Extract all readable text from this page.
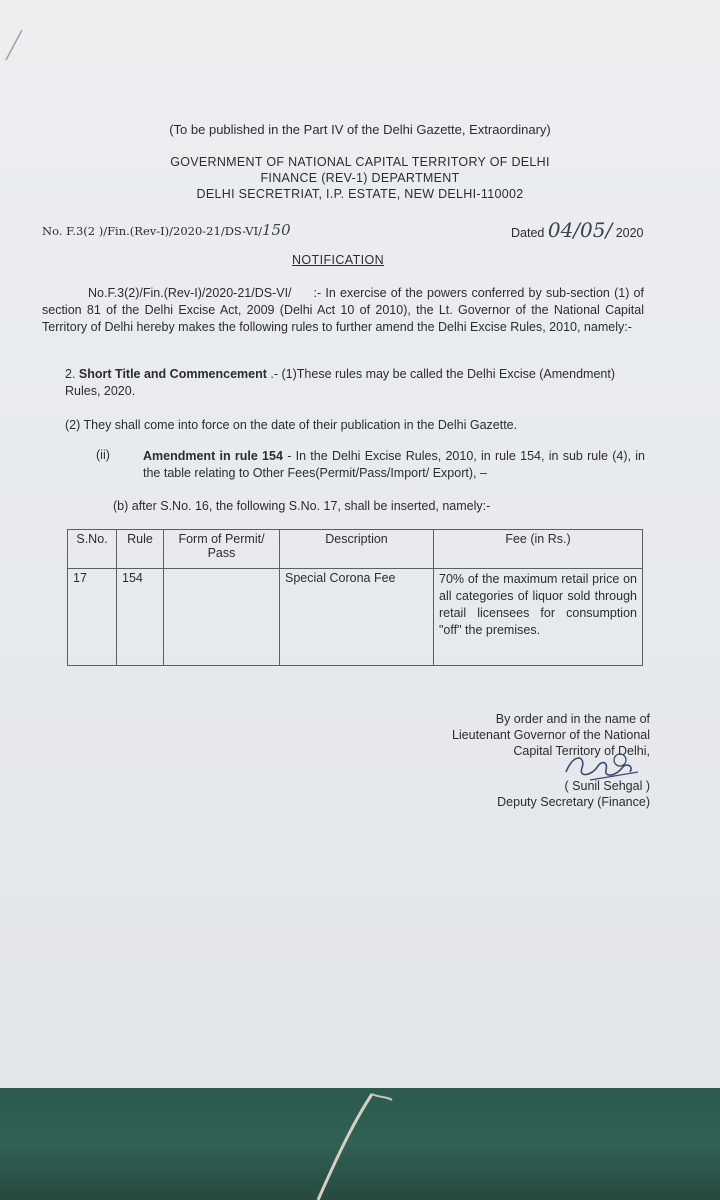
(To be published in the Part IV of the Delhi Gazette, Extraordinary)
GOVERNMENT OF NATIONAL CAPITAL TERRITORY OF DELHI
FINANCE (REV-1) DEPARTMENT
DELHI SECRETRIAT, I.P. ESTATE, NEW DELHI-110002
No. F.3(2 )/Fin.(Rev-I)/2020-21/DS-VI/150	Dated 04/05/ 2020
NOTIFICATION
No.F.3(2)/Fin.(Rev-I)/2020-21/DS-VI/ :- In exercise of the powers conferred by sub-section (1) of section 81 of the Delhi Excise Act, 2009 (Delhi Act 10 of 2010), the Lt. Governor of the National Capital Territory of Delhi hereby makes the following rules to further amend the Delhi Excise Rules, 2010, namely:-
2. Short Title and Commencement .- (1)These rules may be called the Delhi Excise (Amendment) Rules, 2020.
(2) They shall come into force on the date of their publication in the Delhi Gazette.
(ii)	Amendment in rule 154 - In the Delhi Excise Rules, 2010, in rule 154, in sub rule (4), in the table relating to Other Fees(Permit/Pass/Import/ Export), –
(b) after S.No. 16, the following S.No. 17, shall be inserted, namely:-
S.No.	Rule	Form of Permit/ Pass	Description	Fee (in Rs.)
17	154		Special Corona Fee	70% of the maximum retail price on all categories of liquor sold through retail licensees for consumption "off" the premises.
By order and in the name of
Lieutenant Governor of the National
Capital Territory of Delhi,
( Sunil Sehgal )
Deputy Secretary (Finance)
